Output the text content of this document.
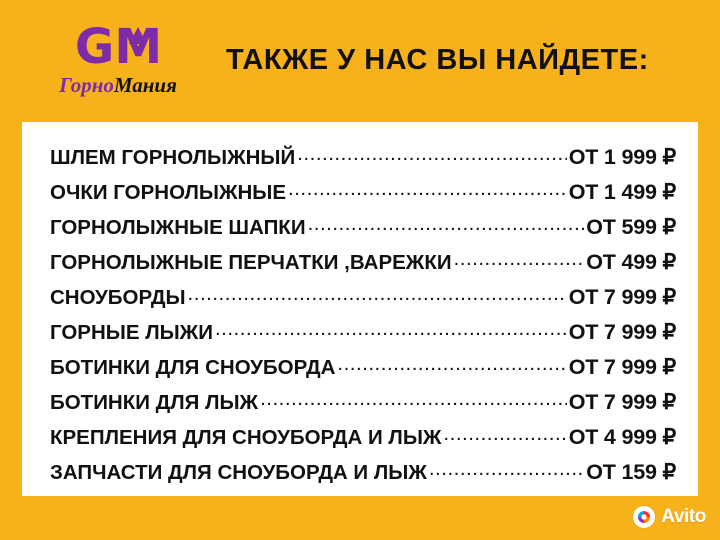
G M
ГорноМания
ТАКЖЕ У НАС ВЫ НАЙДЕТЕ:
ШЛЕМ ГОРНОЛЫЖНЫЙ .....	ОТ 1 999 ₽
ОЧКИ ГОРНОЛЫЖНЫЕ .....	ОТ 1 499 ₽
ГОРНОЛЫЖНЫЕ ШАПКИ .....	ОТ 599 ₽
ГОРНОЛЫЖНЫЕ ПЕРЧАТКИ ,ВАРЕЖКИ .....	ОТ 499 ₽
СНОУБОРДЫ .....	ОТ 7 999 ₽
ГОРНЫЕ ЛЫЖИ .....	ОТ 7 999 ₽
БОТИНКИ ДЛЯ СНОУБОРДА .....	ОТ 7 999 ₽
БОТИНКИ ДЛЯ ЛЫЖ .....	ОТ 7 999 ₽
КРЕПЛЕНИЯ ДЛЯ СНОУБОРДА И ЛЫЖ .....	ОТ 4 999 ₽
ЗАПЧАСТИ ДЛЯ СНОУБОРДА И ЛЫЖ .....	ОТ 159 ₽
Avito
